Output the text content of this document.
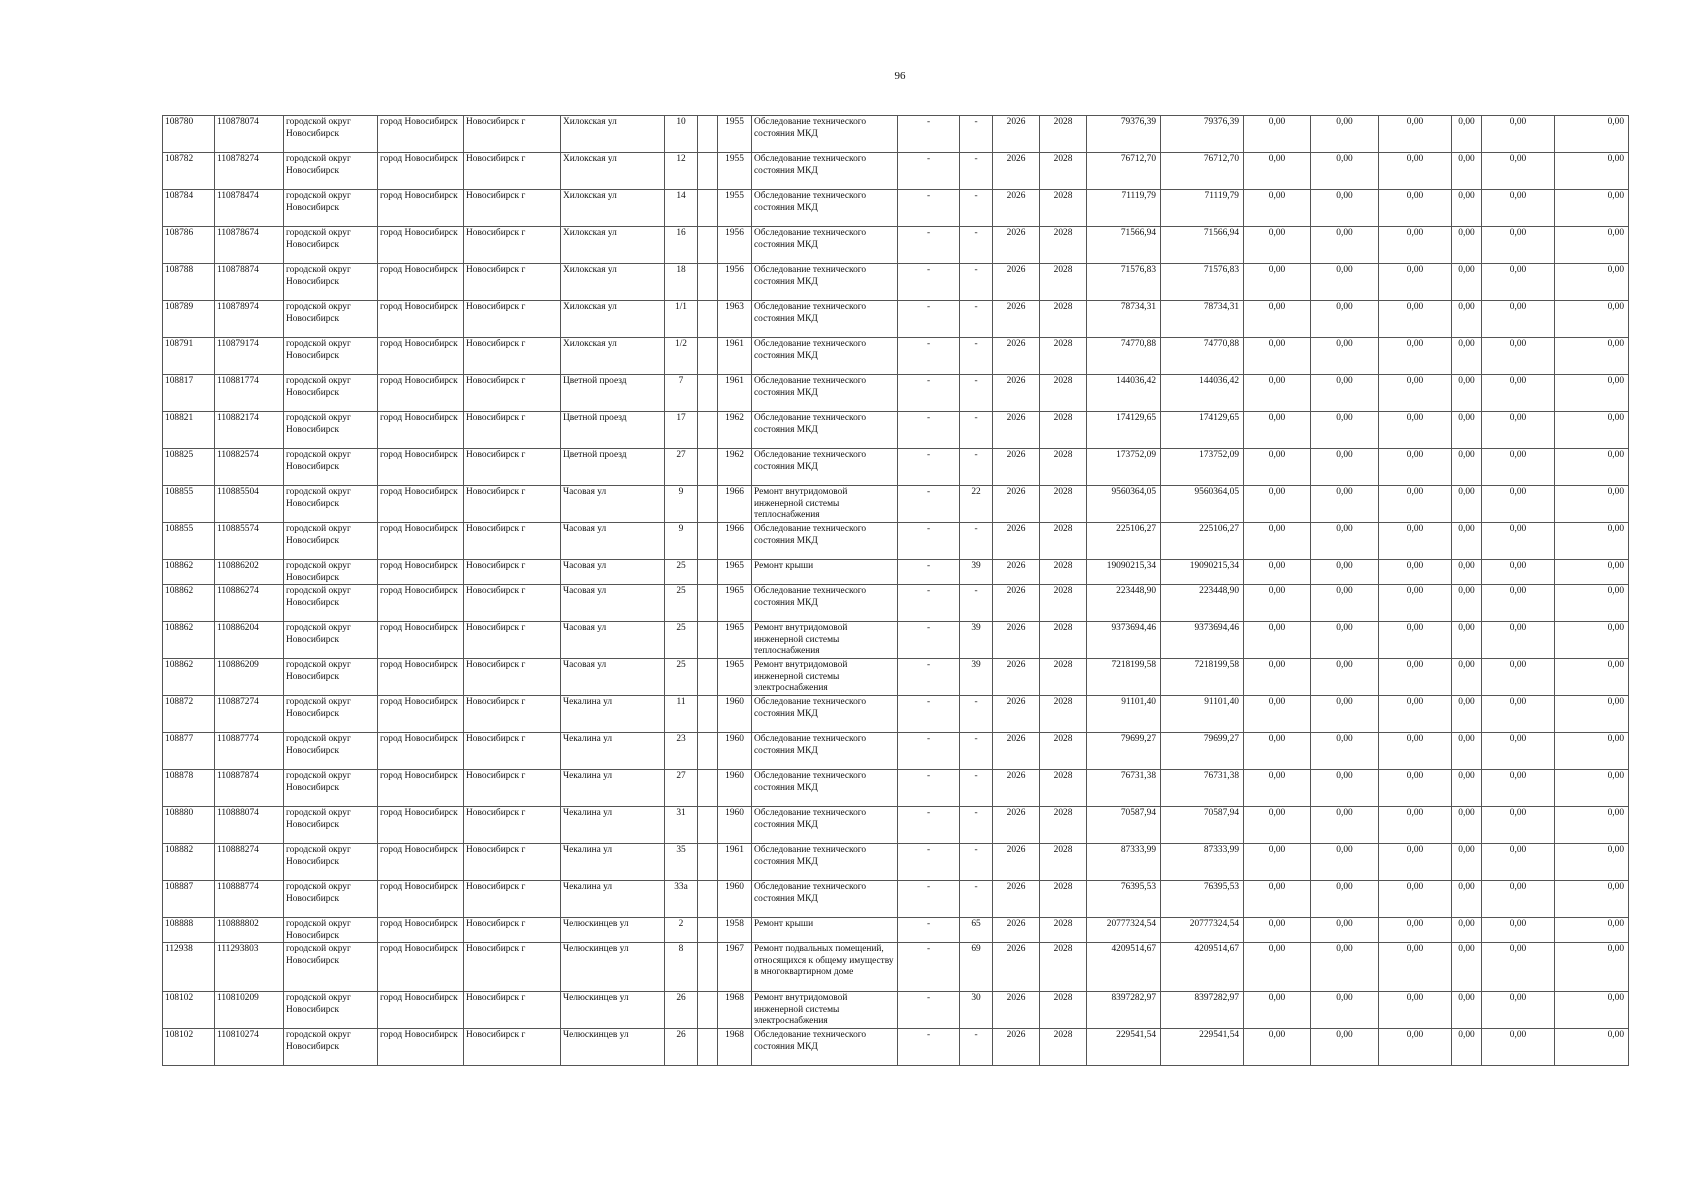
96
108780	110878074	городской округ Новосибирск	город Новосибирск	Новосибирск г	Хилокская ул	10		1955	Обследование технического состояния МКД	-	-	2026	2028	79376,39	79376,39	0,00	0,00	0,00	0,00	0,00	0,00
108782	110878274	городской округ Новосибирск	город Новосибирск	Новосибирск г	Хилокская ул	12		1955	Обследование технического состояния МКД	-	-	2026	2028	76712,70	76712,70	0,00	0,00	0,00	0,00	0,00	0,00
108784	110878474	городской округ Новосибирск	город Новосибирск	Новосибирск г	Хилокская ул	14		1955	Обследование технического состояния МКД	-	-	2026	2028	71119,79	71119,79	0,00	0,00	0,00	0,00	0,00	0,00
108786	110878674	городской округ Новосибирск	город Новосибирск	Новосибирск г	Хилокская ул	16		1956	Обследование технического состояния МКД	-	-	2026	2028	71566,94	71566,94	0,00	0,00	0,00	0,00	0,00	0,00
108788	110878874	городской округ Новосибирск	город Новосибирск	Новосибирск г	Хилокская ул	18		1956	Обследование технического состояния МКД	-	-	2026	2028	71576,83	71576,83	0,00	0,00	0,00	0,00	0,00	0,00
108789	110878974	городской округ Новосибирск	город Новосибирск	Новосибирск г	Хилокская ул	1/1		1963	Обследование технического состояния МКД	-	-	2026	2028	78734,31	78734,31	0,00	0,00	0,00	0,00	0,00	0,00
108791	110879174	городской округ Новосибирск	город Новосибирск	Новосибирск г	Хилокская ул	1/2		1961	Обследование технического состояния МКД	-	-	2026	2028	74770,88	74770,88	0,00	0,00	0,00	0,00	0,00	0,00
108817	110881774	городской округ Новосибирск	город Новосибирск	Новосибирск г	Цветной проезд	7		1961	Обследование технического состояния МКД	-	-	2026	2028	144036,42	144036,42	0,00	0,00	0,00	0,00	0,00	0,00
108821	110882174	городской округ Новосибирск	город Новосибирск	Новосибирск г	Цветной проезд	17		1962	Обследование технического состояния МКД	-	-	2026	2028	174129,65	174129,65	0,00	0,00	0,00	0,00	0,00	0,00
108825	110882574	городской округ Новосибирск	город Новосибирск	Новосибирск г	Цветной проезд	27		1962	Обследование технического состояния МКД	-	-	2026	2028	173752,09	173752,09	0,00	0,00	0,00	0,00	0,00	0,00
108855	110885504	городской округ Новосибирск	город Новосибирск	Новосибирск г	Часовая ул	9		1966	Ремонт внутридомовой инженерной системы теплоснабжения	-	22	2026	2028	9560364,05	9560364,05	0,00	0,00	0,00	0,00	0,00	0,00
108855	110885574	городской округ Новосибирск	город Новосибирск	Новосибирск г	Часовая ул	9		1966	Обследование технического состояния МКД	-	-	2026	2028	225106,27	225106,27	0,00	0,00	0,00	0,00	0,00	0,00
108862	110886202	городской округ Новосибирск	город Новосибирск	Новосибирск г	Часовая ул	25		1965	Ремонт крыши	-	39	2026	2028	19090215,34	19090215,34	0,00	0,00	0,00	0,00	0,00	0,00
108862	110886274	городской округ Новосибирск	город Новосибирск	Новосибирск г	Часовая ул	25		1965	Обследование технического состояния МКД	-	-	2026	2028	223448,90	223448,90	0,00	0,00	0,00	0,00	0,00	0,00
108862	110886204	городской округ Новосибирск	город Новосибирск	Новосибирск г	Часовая ул	25		1965	Ремонт внутридомовой инженерной системы теплоснабжения	-	39	2026	2028	9373694,46	9373694,46	0,00	0,00	0,00	0,00	0,00	0,00
108862	110886209	городской округ Новосибирск	город Новосибирск	Новосибирск г	Часовая ул	25		1965	Ремонт внутридомовой инженерной системы электроснабжения	-	39	2026	2028	7218199,58	7218199,58	0,00	0,00	0,00	0,00	0,00	0,00
108872	110887274	городской округ Новосибирск	город Новосибирск	Новосибирск г	Чекалина ул	11		1960	Обследование технического состояния МКД	-	-	2026	2028	91101,40	91101,40	0,00	0,00	0,00	0,00	0,00	0,00
108877	110887774	городской округ Новосибирск	город Новосибирск	Новосибирск г	Чекалина ул	23		1960	Обследование технического состояния МКД	-	-	2026	2028	79699,27	79699,27	0,00	0,00	0,00	0,00	0,00	0,00
108878	110887874	городской округ Новосибирск	город Новосибирск	Новосибирск г	Чекалина ул	27		1960	Обследование технического состояния МКД	-	-	2026	2028	76731,38	76731,38	0,00	0,00	0,00	0,00	0,00	0,00
108880	110888074	городской округ Новосибирск	город Новосибирск	Новосибирск г	Чекалина ул	31		1960	Обследование технического состояния МКД	-	-	2026	2028	70587,94	70587,94	0,00	0,00	0,00	0,00	0,00	0,00
108882	110888274	городской округ Новосибирск	город Новосибирск	Новосибирск г	Чекалина ул	35		1961	Обследование технического состояния МКД	-	-	2026	2028	87333,99	87333,99	0,00	0,00	0,00	0,00	0,00	0,00
108887	110888774	городской округ Новосибирск	город Новосибирск	Новосибирск г	Чекалина ул	33а		1960	Обследование технического состояния МКД	-	-	2026	2028	76395,53	76395,53	0,00	0,00	0,00	0,00	0,00	0,00
108888	110888802	городской округ Новосибирск	город Новосибирск	Новосибирск г	Челюскинцев ул	2		1958	Ремонт крыши	-	65	2026	2028	20777324,54	20777324,54	0,00	0,00	0,00	0,00	0,00	0,00
112938	111293803	городской округ Новосибирск	город Новосибирск	Новосибирск г	Челюскинцев ул	8		1967	Ремонт подвальных помещений, относящихся к общему имуществу в многоквартирном доме	-	69	2026	2028	4209514,67	4209514,67	0,00	0,00	0,00	0,00	0,00	0,00
108102	110810209	городской округ Новосибирск	город Новосибирск	Новосибирск г	Челюскинцев ул	26		1968	Ремонт внутридомовой инженерной системы электроснабжения	-	30	2026	2028	8397282,97	8397282,97	0,00	0,00	0,00	0,00	0,00	0,00
108102	110810274	городской округ Новосибирск	город Новосибирск	Новосибирск г	Челюскинцев ул	26		1968	Обследование технического состояния МКД	-	-	2026	2028	229541,54	229541,54	0,00	0,00	0,00	0,00	0,00	0,00
